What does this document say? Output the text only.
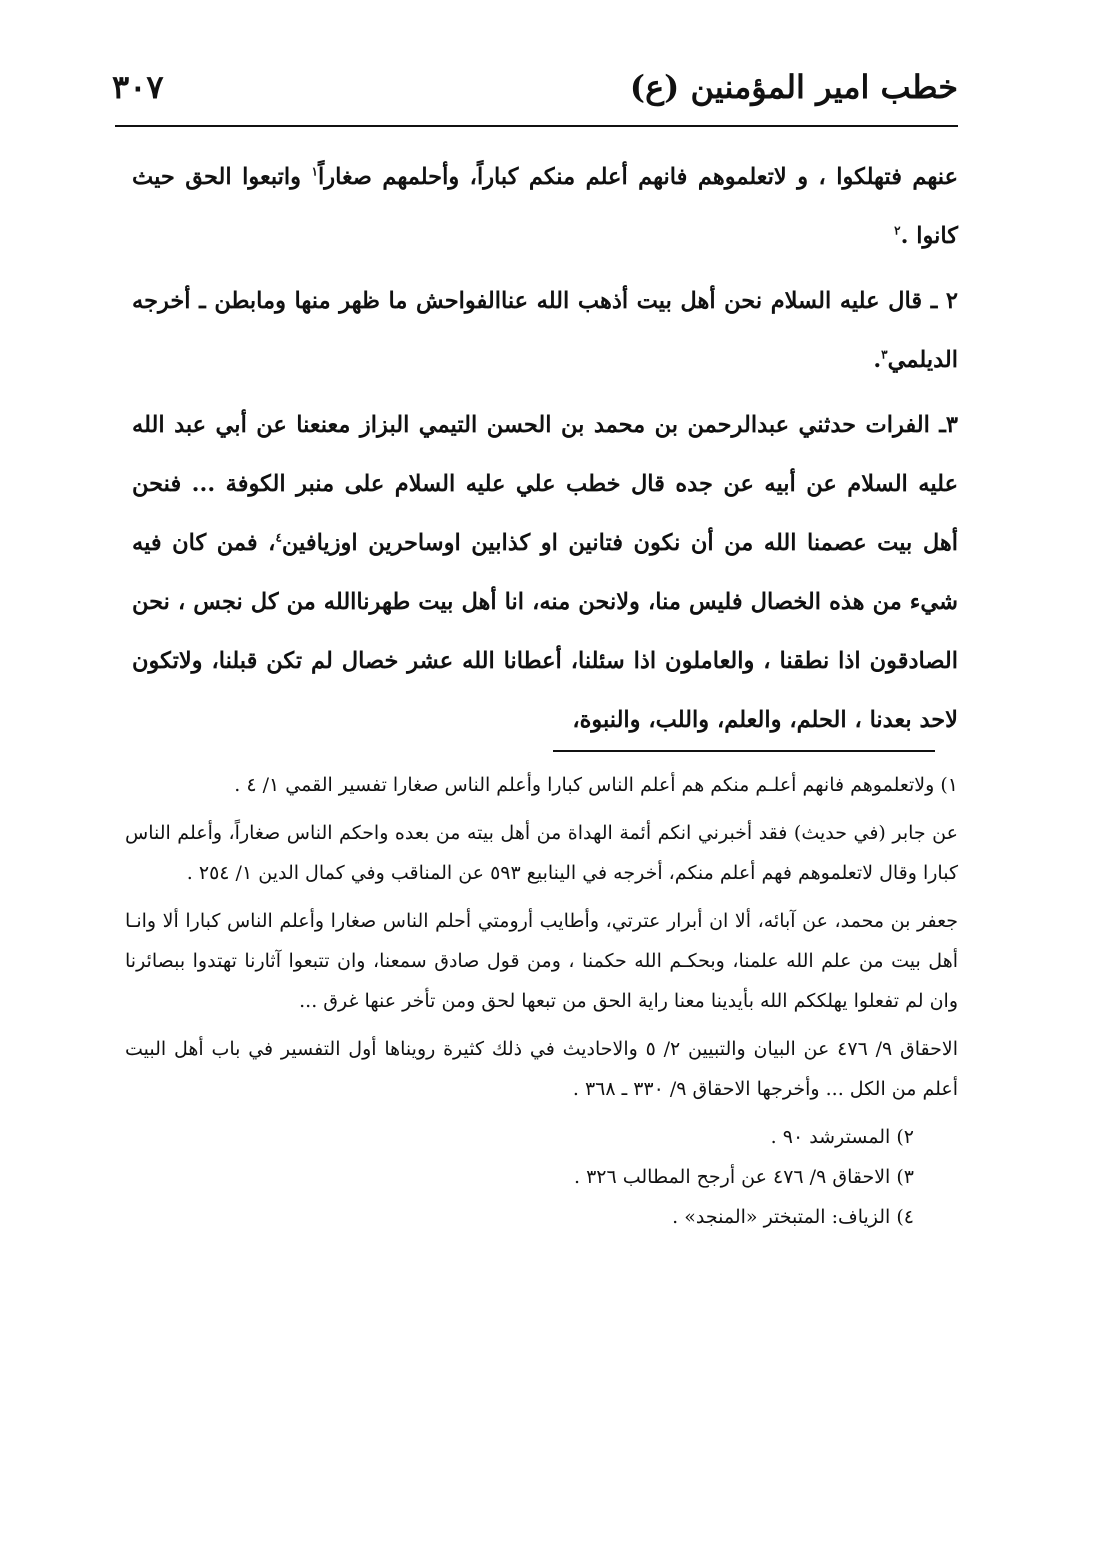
خطب امير المؤمنين (ع)
٣٠٧

عنهم فتهلكوا ، و لاتعلموهم فانهم أعلم منكم كباراً، وأحلمهم صغاراً$^١$ واتبعوا الحق حيث كانوا .$^٢$

٢ ـ قال عليه السلام نحن أهل بيت أذهب الله عناالفواحش ما ظهر منها ومابطن ـ أخرجه الديلمي$^٣$.

٣ـ الفرات حدثني عبدالرحمن بن محمد بن الحسن التيمي البزاز معنعنا عن أبي عبد الله عليه السلام عن أبيه عن جده قال خطب علي عليه السلام على منبر الكوفة ... فنحن أهل بيت عصمنا الله من أن نكون فتانين او كذابين اوساحرين اوزيافين$^٤$، فمن كان فيه شيء من هذه الخصال فليس منا، ولانحن منه، انا أهل بيت طهرناالله من كل نجس ، نحن الصادقون اذا نطقنا ، والعاملون اذا سئلنا، أعطانا الله عشر خصال لم تكن قبلنا، ولاتكون لاحد بعدنا ، الحلم، والعلم، واللب، والنبوة،

١) ولاتعلموهم فانهم أعلـم منكم هم أعلم الناس كبارا وأعلم الناس صغارا تفسير القمي ١/ ٤ .

عن جابر (في حديث) فقد أخبرني انكم أئمة الهداة من أهل بيته من بعده واحكم الناس صغاراً، وأعلم الناس كبارا وقال لاتعلموهم فهم أعلم منكم، أخرجه في الينابيع ٥٩٣ عن المناقب وفي كمال الدين ١/ ٢٥٤ .

جعفر بن محمد، عن آبائه، ألا ان أبرار عترتي، وأطايب أرومتي أحلم الناس صغارا وأعلم الناس كبارا ألا وانـا أهل بيت من علم الله علمنا، وبحكـم الله حكمنا ، ومن قول صادق سمعنا، وان تتبعوا آثارنا تهتدوا ببصائرنا وان لم تفعلوا يهلككم الله بأيدينا معنا راية الحق من تبعها لحق ومن تأخر عنها غرق ...

الاحقاق ٩/ ٤٧٦ عن البيان والتبيين ٢/ ٥ والاحاديث في ذلك كثيرة رويناها أول التفسير في باب أهل البيت أعلم من الكل ... وأخرجها الاحقاق ٩/ ٣٣٠ ـ ٣٦٨ .

٢) المسترشد ٩٠ .

٣) الاحقاق ٩/ ٤٧٦ عن أرجح المطالب ٣٢٦ .

٤) الزياف: المتبختر «المنجد» .
